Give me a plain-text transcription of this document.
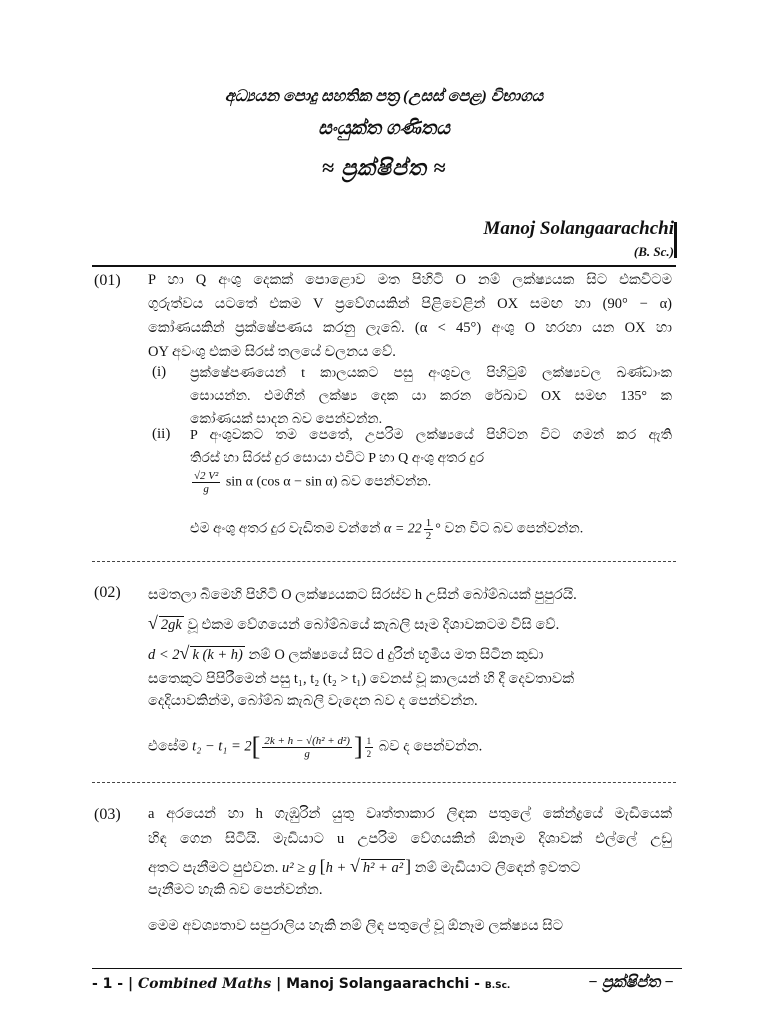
අධ්‍යයන පොදු සහතික පත්‍ර (උසස් පෙළ) විභාගය
සංයුක්ත ගණිතය
≈ ප්‍රක්ෂිප්ත ≈
Manoj Solangaarachchi
(B. Sc.)
(01) P හා Q අංශු දෙකක් පොළොව මත පිහිටි O නම් ලක්ෂ්‍යයක සිට එකවිටම
ගුරුත්වය යටතේ එකම V ප්‍රවේගයකින් පිළිවෙළින් OX සමඟ හා (90° − α)
කෝණයකින් ප්‍රක්ෂේපණය කරනු ලැබේ. (α < 45°) අංශු O හරහා යන OX හා
OY අවංශු එකම සිරස් තලයේ චලනය වේ.
(i) ප්‍රක්ෂේපණයෙන් t කාලයකට පසු අංශුවල පිහිටුම් ලක්ෂ්‍යවල ඛණ්ඩාංක
සොයන්න. එමගින් ලක්ෂ්‍ය දෙක යා කරන රේඛාව OX සමඟ 135° ක
කෝණයක් සාදන බව පෙන්වන්න.
(ii) P අංශුවකට තම පෙතේ, උපරිම ලක්ෂ්‍යයේ පිහිටන විට ගමන් කර ඇති
තිරස් හා සිරස් දුර සොයා එවිට P හා Q අංශු අතර දුර
$\frac{\text{√2 V²}}{g}$ sin α (cos α − sin α) බව පෙන්වන්න.
එම අංශු අතර දුර වැඩිතම වන්නේ $\alpha = 22 \frac{1}{2}$ ° වන විට බව පෙන්වන්න.
(02) සමතලා බිමෙහි පිහිටි O ලක්ෂ්‍යයකට සිරස්ව h උසින් බෝම්බයක් පුපුරයි.
√ 2gk වූ එකම වේගයෙන් බෝම්බයේ කැබලි සෑම දිශාවකටම විසි වේ.
d < 2√ k (k + h) නම් O ලක්ෂ්‍යයේ සිට d දුරින් භූමිය මත සිටින කුඩා
සතෙකුට පිපිරීමෙන් පසු t₁, t₂ (t₂ > t₁) වෙනස් වූ කාලයන් හි දී දෙවතාවක්
දෙදියාවකින්ම, බෝම්බ කැබලි වැදෙන බව ද පෙන්වන්න.
එසේම $t_2 - t_1 = 2[ \frac{\text{2k + h − √(h² + d²)}}{g}$ ] $\frac{1}{2}$ බව ද පෙන්වන්න.
(03) a අරයෙන් හා h ගැඹුරින් යුතු වෘත්තාකාර ලිඳක පතුලේ කේන්ද්‍රයේ මැඩියෙක්
හිඳ ගෙන සිටියි. මැඩියාට u උපරිම වේගයකින් ඕනෑම දිශාවක් එල්ලේ උඩු
අතට පැනීමට පුළුවන. u² ≥ g [h + √ h² + a² ] නම් මැඩියාට ලිඳෙන් ඉවතට
පැනීමට හැකි බව පෙන්වන්න.
මෙම අවශ්‍යතාව සපුරාලිය හැකි නම් ලිඳ පතුලේ වූ ඕනෑම ලක්ෂ්‍යය සිට
- 1 - | Combined Maths | Manoj Solangaarachchi - B.Sc.	− ප්‍රක්ෂිප්ත −
